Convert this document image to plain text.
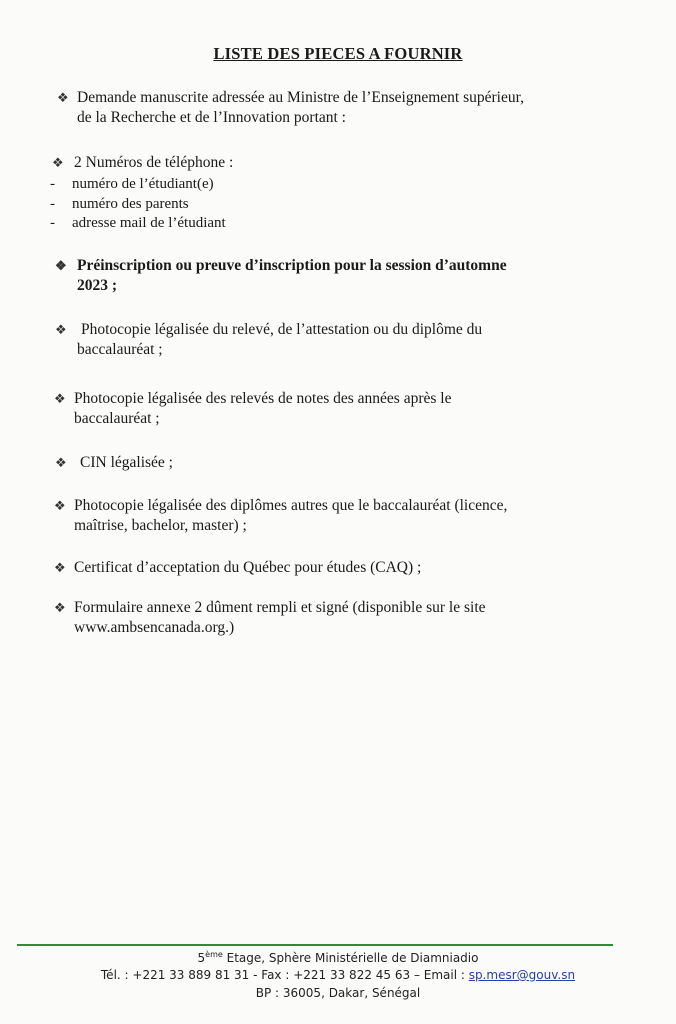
LISTE DES PIECES A FOURNIR
❖ Demande manuscrite adressée au Ministre de l’Enseignement supérieur,
de la Recherche et de l’Innovation portant :
❖ 2 Numéros de téléphone :
- numéro de l’étudiant(e)
- numéro des parents
- adresse mail de l’étudiant
❖ Préinscription ou preuve d’inscription pour la session d’automne
2023 ;
❖ Photocopie légalisée du relevé, de l’attestation ou du diplôme du
baccalauréat ;
❖ Photocopie légalisée des relevés de notes des années après le
baccalauréat ;
❖ CIN légalisée ;
❖ Photocopie légalisée des diplômes autres que le baccalauréat (licence,
maîtrise, bachelor, master) ;
❖ Certificat d’acceptation du Québec pour études (CAQ) ;
❖ Formulaire annexe 2 dûment rempli et signé (disponible sur le site
www.ambsencanada.org.)
5ème Etage, Sphère Ministérielle de Diamniadio
Tél. : +221 33 889 81 31 - Fax : +221 33 822 45 63 – Email : sp.mesr@gouv.sn
BP : 36005, Dakar, Sénégal
